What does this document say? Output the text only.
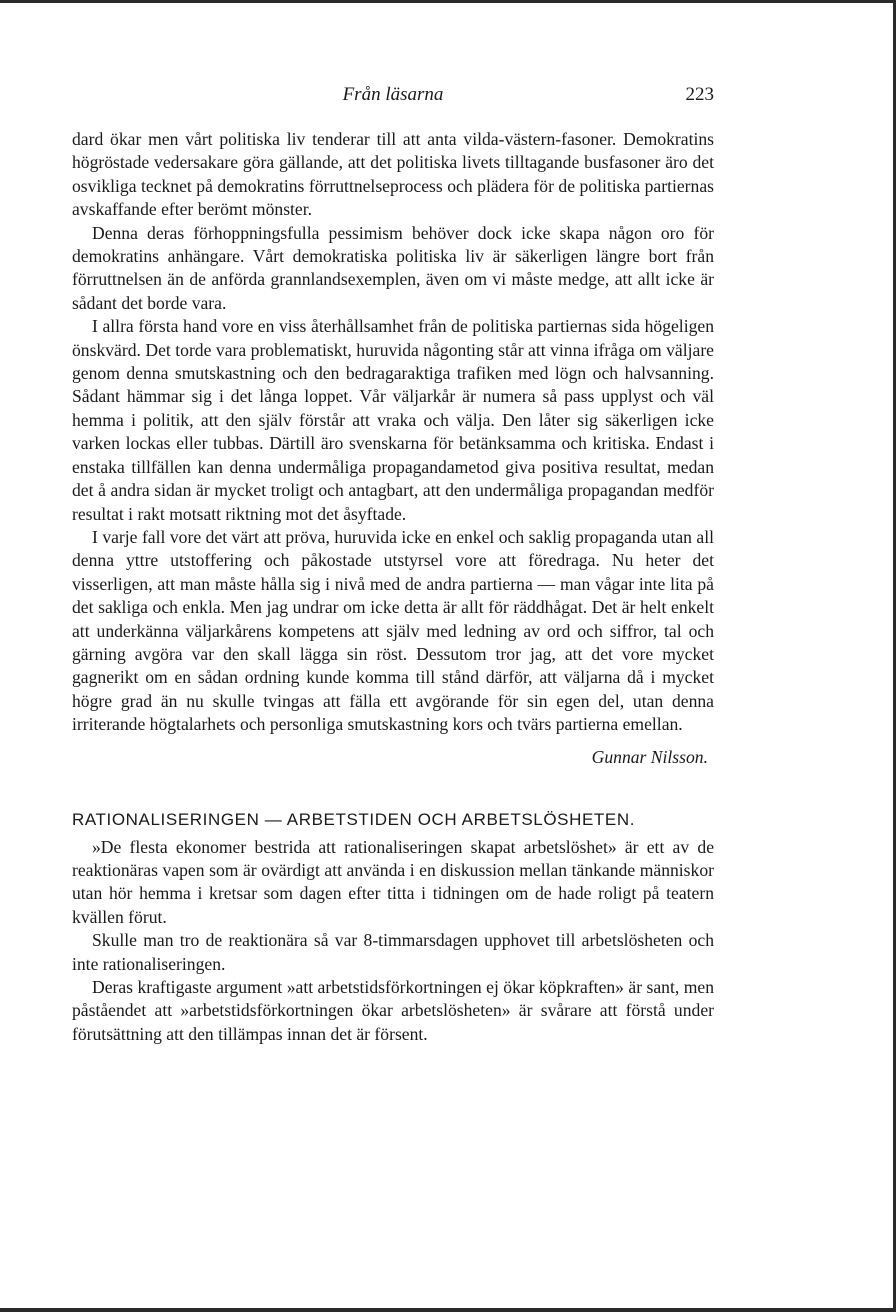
Från läsarna	223

dard ökar men vårt politiska liv tenderar till att anta vilda-västern-fasoner. Demokratins högröstade vedersakare göra gällande, att det politiska livets tilltagande busfasoner äro det osvikliga tecknet på demokratins förruttnelseprocess och plädera för de politiska partiernas avskaffande efter berömt mönster.

Denna deras förhoppningsfulla pessimism behöver dock icke skapa någon oro för demokratins anhängare. Vårt demokratiska politiska liv är säkerligen längre bort från förruttnelsen än de anförda grannlandsexemplen, även om vi måste medge, att allt icke är sådant det borde vara.

I allra första hand vore en viss återhållsamhet från de politiska partiernas sida högeligen önskvärd. Det torde vara problematiskt, huruvida någonting står att vinna ifråga om väljare genom denna smutskastning och den bedragaraktiga trafiken med lögn och halvsanning. Sådant hämmar sig i det långa loppet. Vår väljarkår är numera så pass upplyst och väl hemma i politik, att den själv förstår att vraka och välja. Den låter sig säkerligen icke varken lockas eller tubbas. Därtill äro svenskarna för betänksamma och kritiska. Endast i enstaka tillfällen kan denna undermåliga propagandametod giva positiva resultat, medan det å andra sidan är mycket troligt och antagbart, att den undermåliga propagandan medför resultat i rakt motsatt riktning mot det åsyftade.

I varje fall vore det värt att pröva, huruvida icke en enkel och saklig propaganda utan all denna yttre utstoffering och påkostade utstyrsel vore att föredraga. Nu heter det visserligen, att man måste hålla sig i nivå med de andra partierna — man vågar inte lita på det sakliga och enkla. Men jag undrar om icke detta är allt för räddhågat. Det är helt enkelt att underkänna väljarkårens kompetens att själv med ledning av ord och siffror, tal och gärning avgöra var den skall lägga sin röst. Dessutom tror jag, att det vore mycket gagnerikt om en sådan ordning kunde komma till stånd därför, att väljarna då i mycket högre grad än nu skulle tvingas att fälla ett avgörande för sin egen del, utan denna irriterande högtalarhets och personliga smutskastning kors och tvärs partierna emellan.

Gunnar Nilsson.
RATIONALISERINGEN — ARBETSTIDEN OCH ARBETSLÖSHETEN.

»De flesta ekonomer bestrida att rationaliseringen skapat arbetslöshet» är ett av de reaktionäras vapen som är ovärdigt att använda i en diskussion mellan tänkande människor utan hör hemma i kretsar som dagen efter titta i tidningen om de hade roligt på teatern kvällen förut.

Skulle man tro de reaktionära så var 8-timmarsdagen upphovet till arbetslösheten och inte rationaliseringen.

Deras kraftigaste argument »att arbetstidsförkortningen ej ökar köpkraften» är sant, men påståendet att »arbetstidsförkortningen ökar arbetslösheten» är svårare att förstå under förutsättning att den tillämpas innan det är försent.
